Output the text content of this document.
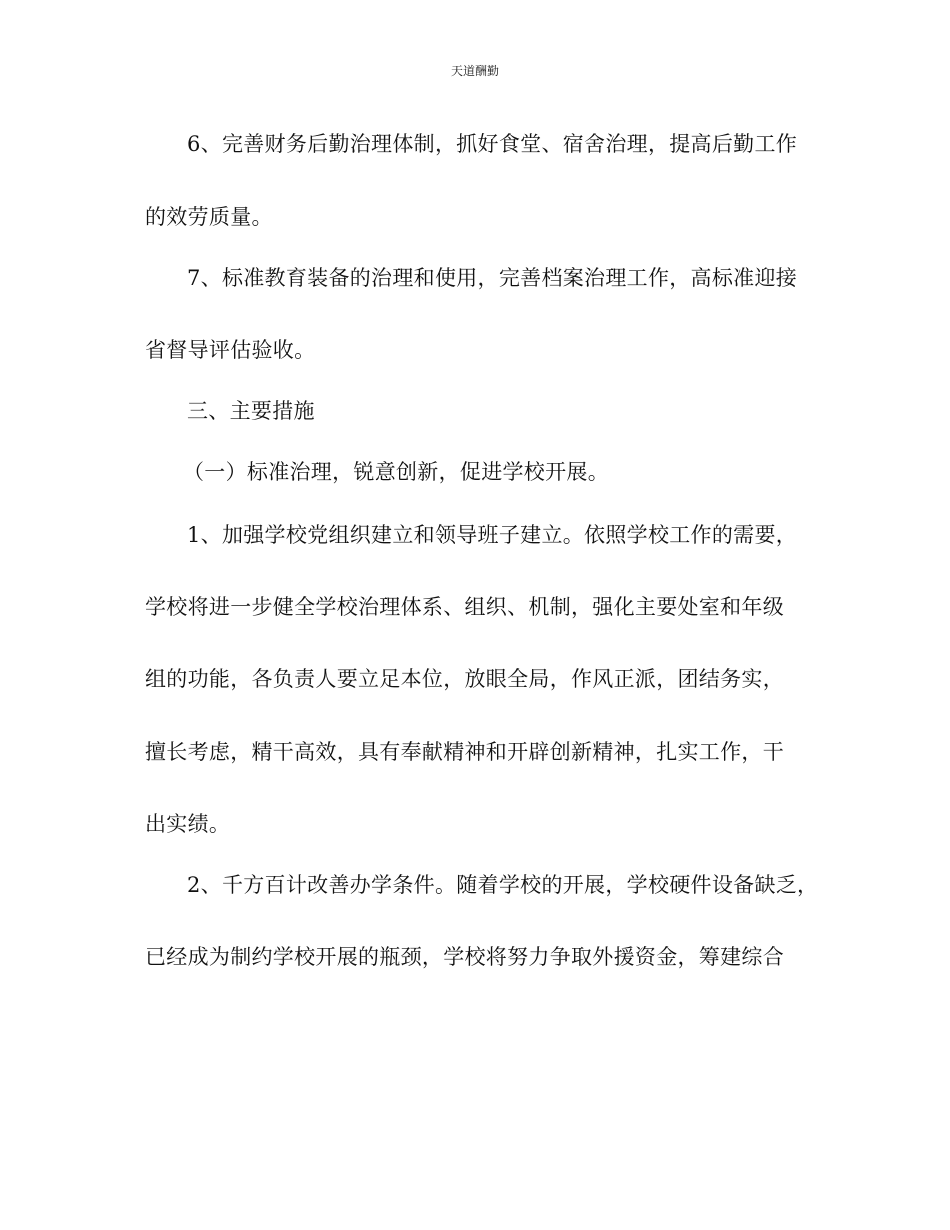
天道酬勤
6、完善财务后勤治理体制，抓好食堂、宿舍治理，提高后勤工作
的效劳质量。
7、标准教育装备的治理和使用，完善档案治理工作，高标准迎接
省督导评估验收。
三、主要措施
（一）标准治理，锐意创新，促进学校开展。
1、加强学校党组织建立和领导班子建立。依照学校工作的需要，
学校将进一步健全学校治理体系、组织、机制，强化主要处室和年级
组的功能，各负责人要立足本位，放眼全局，作风正派，团结务实，
擅长考虑，精干高效，具有奉献精神和开辟创新精神，扎实工作，干
出实绩。
2、千方百计改善办学条件。随着学校的开展，学校硬件设备缺乏，
已经成为制约学校开展的瓶颈，学校将努力争取外援资金，筹建综合
